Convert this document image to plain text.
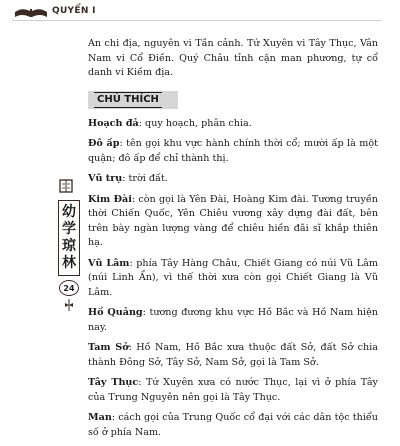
QUYỂN I
幼
学
琼
林
24

An chi địa, nguyên vi Tần cảnh. Tứ Xuyên vi Tây Thục, Vân Nam vi Cổ Điền. Quý Châu tỉnh cận man phương, tự cổ danh vi Kiềm địa.

CHÚ THÍCH

Hoạch đả: quy hoạch, phân chia.

Đô ấp: tên gọi khu vực hành chính thời cổ; mười ấp là một quận; đô ấp để chỉ thành thị.

Vũ trụ: trời đất.

Kim Đài: còn gọi là Yên Đài, Hoàng Kim đài. Tương truyền thời Chiến Quốc, Yên Chiêu vương xây dựng đài đất, bên trên bày ngàn lượng vàng để chiêu hiền đãi sĩ khắp thiên hạ.

Vũ Lâm: phía Tây Hàng Châu, Chiết Giang có núi Vũ Lâm (núi Linh Ẩn), vì thế thời xưa còn gọi Chiết Giang là Vũ Lâm.

Hồ Quảng: tương đương khu vực Hồ Bắc và Hồ Nam hiện nay.

Tam Sở: Hồ Nam, Hồ Bắc xưa thuộc đất Sở, đất Sở chia thành Đông Sở, Tây Sở, Nam Sở, gọi là Tam Sở.

Tây Thục: Tứ Xuyên xưa có nước Thục, lại vì ở phía Tây của Trung Nguyên nên gọi là Tây Thục.

Man: cách gọi của Trung Quốc cổ đại với các dân tộc thiểu số ở phía Nam.
